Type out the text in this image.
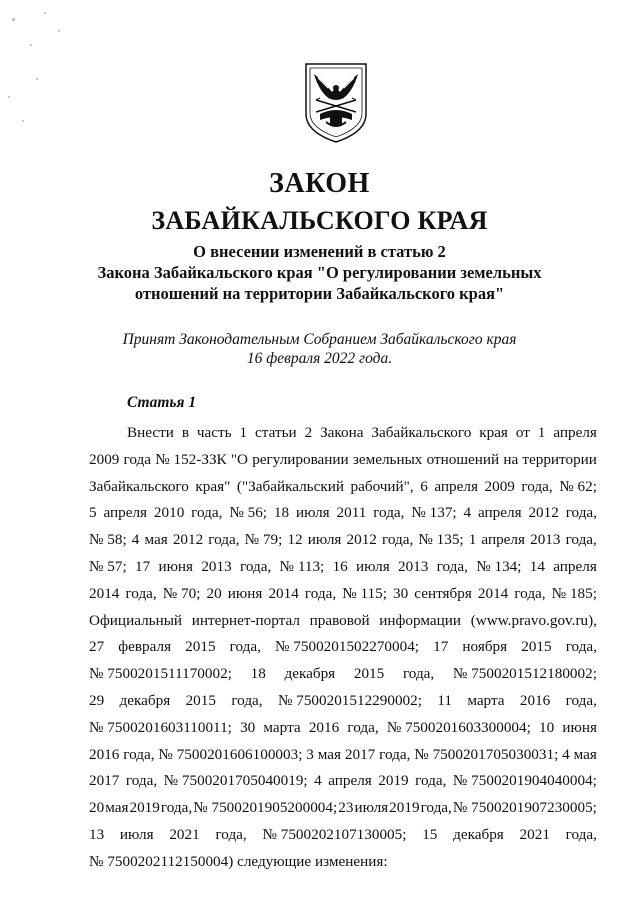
ЗАКОН
ЗАБАЙКАЛЬСКОГО КРАЯ
О внесении изменений в статью 2
Закона Забайкальского края "О регулировании земельных
отношений на территории Забайкальского края"
Принят Законодательным Собранием Забайкальского края
16 февраля 2022 года.
Статья 1
Внести в часть 1 статьи 2 Закона Забайкальского края от 1 апреля
2009 года № 152-ЗЗК "О регулировании земельных отношений на территории
Забайкальского края" ("Забайкальский рабочий", 6 апреля 2009 года, № 62;
5 апреля 2010 года, № 56; 18 июля 2011 года, № 137; 4 апреля 2012 года,
№ 58; 4 мая 2012 года, № 79; 12 июля 2012 года, № 135; 1 апреля 2013 года,
№ 57; 17 июня 2013 года, № 113; 16 июля 2013 года, № 134; 14 апреля
2014 года, № 70; 20 июня 2014 года, № 115; 30 сентября 2014 года, № 185;
Официальный интернет-портал правовой информации (www.pravo.gov.ru),
27 февраля 2015 года, № 7500201502270004; 17 ноября 2015 года,
№ 7500201511170002; 18 декабря 2015 года, № 7500201512180002;
29 декабря 2015 года, № 7500201512290002; 11 марта 2016 года,
№ 7500201603110011; 30 марта 2016 года, № 7500201603300004; 10 июня
2016 года, № 7500201606100003; 3 мая 2017 года, № 7500201705030031; 4 мая
2017 года, № 7500201705040019; 4 апреля 2019 года, № 7500201904040004;
20 мая 2019 года, № 7500201905200004; 23 июля 2019 года, № 7500201907230005;
13 июля 2021 года, № 7500202107130005; 15 декабря 2021 года,
№ 7500202112150004) следующие изменения:
